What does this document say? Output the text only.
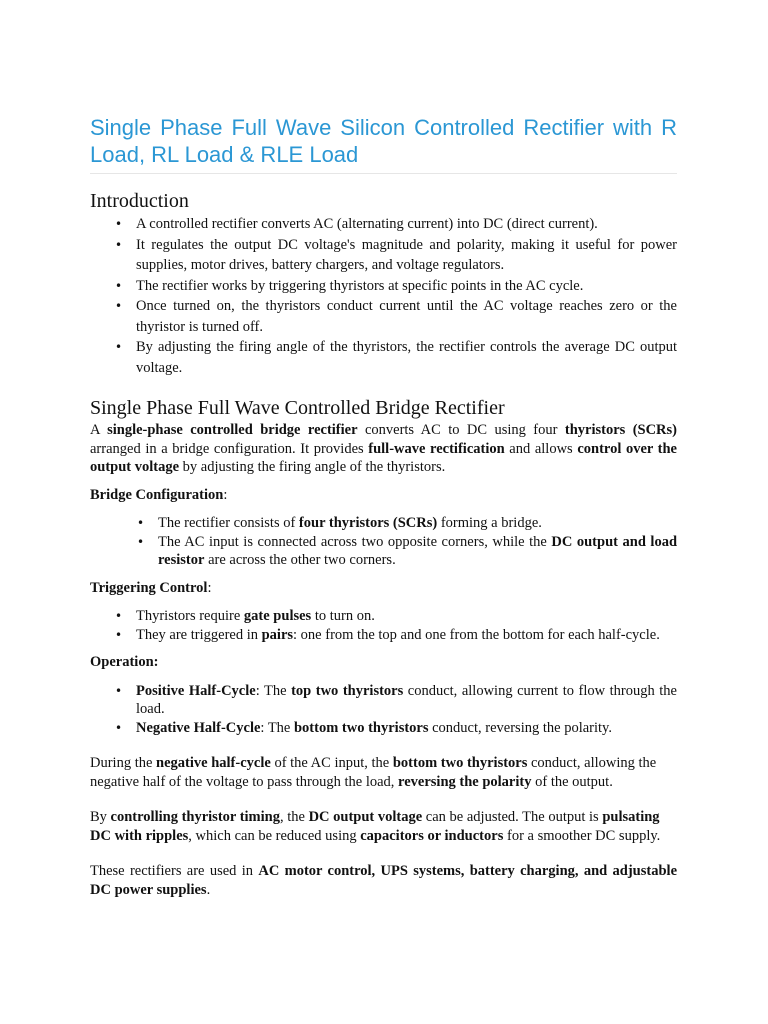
Single Phase Full Wave Silicon Controlled Rectifier with R Load, RL Load & RLE Load
Introduction
• A controlled rectifier converts AC (alternating current) into DC (direct current).
• It regulates the output DC voltage's magnitude and polarity, making it useful for power supplies, motor drives, battery chargers, and voltage regulators.
• The rectifier works by triggering thyristors at specific points in the AC cycle.
• Once turned on, the thyristors conduct current until the AC voltage reaches zero or the thyristor is turned off.
• By adjusting the firing angle of the thyristors, the rectifier controls the average DC output voltage.
Single Phase Full Wave Controlled Bridge Rectifier

A single-phase controlled bridge rectifier converts AC to DC using four thyristors (SCRs) arranged in a bridge configuration. It provides full-wave rectification and allows control over the output voltage by adjusting the firing angle of the thyristors.

Bridge Configuration:

• The rectifier consists of four thyristors (SCRs) forming a bridge.
• The AC input is connected across two opposite corners, while the DC output and load resistor are across the other two corners.

Triggering Control:

• Thyristors require gate pulses to turn on.
• They are triggered in pairs: one from the top and one from the bottom for each half-cycle.

Operation:

• Positive Half-Cycle: The top two thyristors conduct, allowing current to flow through the load.
• Negative Half-Cycle: The bottom two thyristors conduct, reversing the polarity.

During the negative half-cycle of the AC input, the bottom two thyristors conduct, allowing the negative half of the voltage to pass through the load, reversing the polarity of the output.

By controlling thyristor timing, the DC output voltage can be adjusted. The output is pulsating DC with ripples, which can be reduced using capacitors or inductors for a smoother DC supply.

These rectifiers are used in AC motor control, UPS systems, battery charging, and adjustable DC power supplies.
